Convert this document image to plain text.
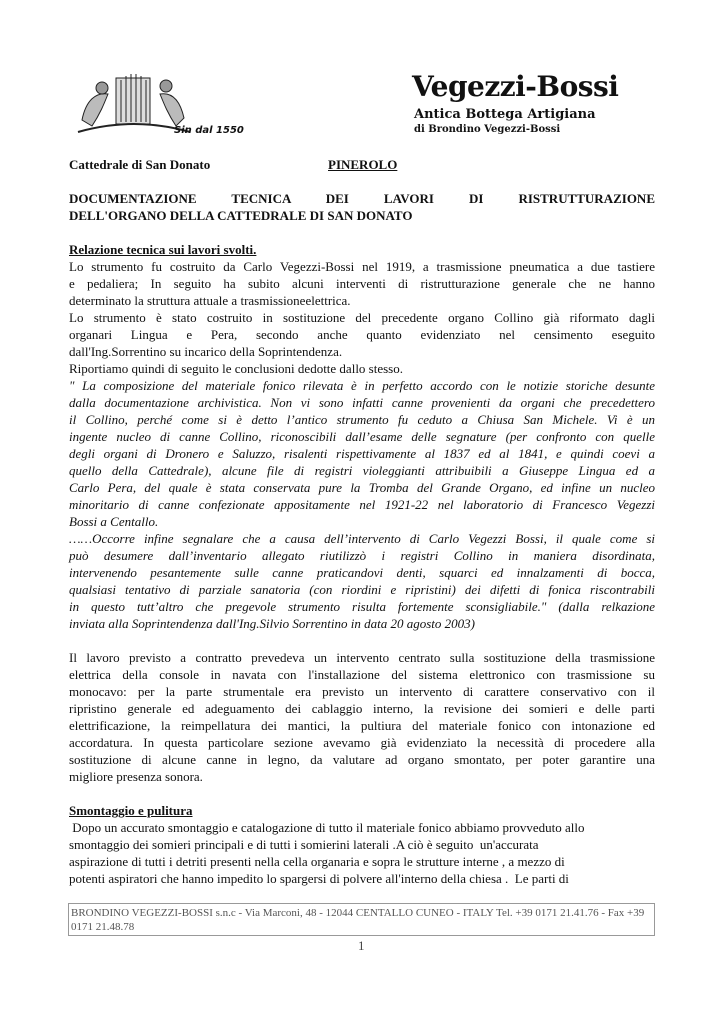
Sin dal 1550
Vegezzi-Bossi
Antica Bottega Artigiana
di Brondino Vegezzi-Bossi
Cattedrale di San Donato	PINEROLO
DOCUMENTAZIONE TECNICA DEI LAVORI DI RISTRUTTURAZIONE
DELL'ORGANO DELLA CATTEDRALE DI SAN DONATO
Relazione tecnica sui lavori svolti.
Lo strumento fu costruito da Carlo Vegezzi-Bossi nel 1919, a trasmissione pneumatica a due tastiere
e pedaliera; In seguito ha subito alcuni interventi di ristrutturazione generale che ne hanno
determinato la struttura attuale a trasmissioneelettrica.
Lo strumento è stato costruito in sostituzione del precedente organo Collino già riformato dagli
organari Lingua e Pera, secondo anche quanto evidenziato nel censimento eseguito
dall'Ing.Sorrentino su incarico della Soprintendenza.
Riportiamo quindi di seguito le conclusioni dedotte dallo stesso.
" La composizione del materiale fonico rilevata è in perfetto accordo con le notizie storiche desunte
dalla documentazione archivistica. Non vi sono infatti canne provenienti da organi che precedettero
il Collino, perché come si è detto l’antico strumento fu ceduto a Chiusa San Michele. Vi è un
ingente nucleo di canne Collino, riconoscibili dall’esame delle segnature (per confronto con quelle
degli organi di Dronero e Saluzzo, risalenti rispettivamente al 1837 ed al 1841, e quindi coevi a
quello della Cattedrale), alcune file di registri violeggianti attribuibili a Giuseppe Lingua ed a
Carlo Pera, del quale è stata conservata pure la Tromba del Grande Organo, ed infine un nucleo
minoritario di canne confezionate appositamente nel 1921-22 nel laboratorio di Francesco Vegezzi
Bossi a Centallo.
……Occorre infine segnalare che a causa dell’intervento di Carlo Vegezzi Bossi, il quale come si
può desumere dall’inventario allegato riutilizzò i registri Collino in maniera disordinata,
intervenendo pesantemente sulle canne praticandovi denti, squarci ed innalzamenti di bocca,
qualsiasi tentativo di parziale sanatoria (con riordini e ripristini) dei difetti di fonica riscontrabili
in questo tutt’altro che pregevole strumento risulta fortemente sconsigliabile." (dalla relkazione
inviata alla Soprintendenza dall'Ing.Silvio Sorrentino in data 20 agosto 2003)
Il lavoro previsto a contratto prevedeva un intervento centrato sulla sostituzione della trasmissione
elettrica della console in navata con l'installazione del sistema elettronico con trasmissione su
monocavo: per la parte strumentale era previsto un intervento di carattere conservativo con il
ripristino generale ed adeguamento dei cablaggio interno, la revisione dei somieri e delle parti
elettrificazione, la reimpellatura dei mantici, la pultiura del materiale fonico con intonazione ed
accordatura. In questa particolare sezione avevamo già evidenziato la necessità di procedere alla
sostituzione di alcune canne in legno, da valutare ad organo smontato, per poter garantire una
migliore presenza sonora.
Smontaggio e pulitura
Dopo un accurato smontaggio e catalogazione di tutto il materiale fonico abbiamo provveduto allo
smontaggio dei somieri principali e di tutti i somierini laterali .A ciò è seguito  un'accurata
aspirazione di tutti i detriti presenti nella cella organaria e sopra le strutture interne , a mezzo di
potenti aspiratori che hanno impedito lo spargersi di polvere all'interno della chiesa .  Le parti di
BRONDINO VEGEZZI-BOSSI s.n.c - Via Marconi, 48 - 12044 CENTALLO CUNEO - ITALY Tel. +39 0171 21.41.76 - Fax +39 0171 21.48.78
1
